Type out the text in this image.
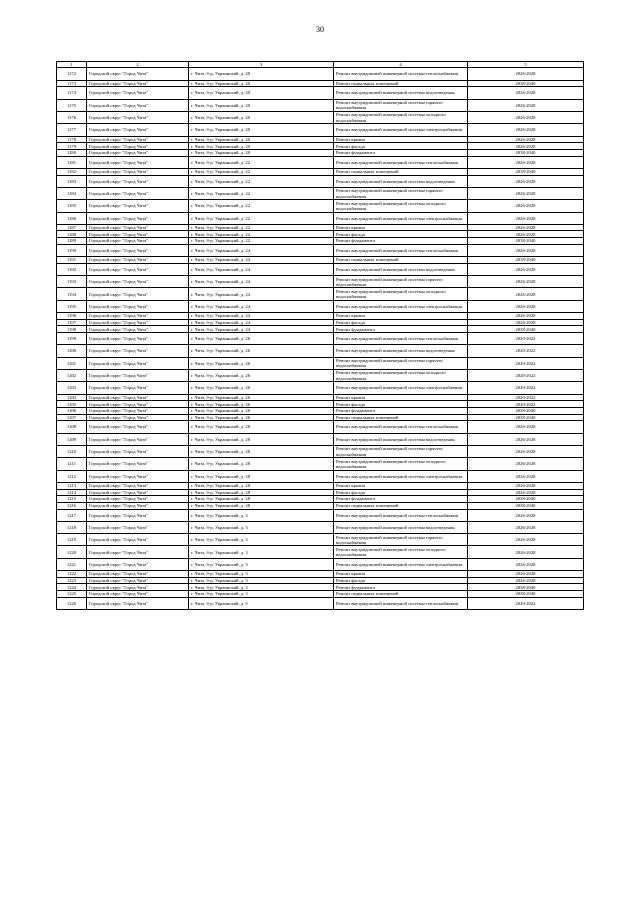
30
1	2	3	4	5
1172	Городской округ "Город Чита"	г. Чита, б-р. Украинский, д. 20	Ремонт внутридомовой инженерной системы теплоснабжения	2026-2028
1173	Городской округ "Город Чита"	г. Чита, б-р. Украинский, д. 20	Ремонт подвальных помещений	2038-2040
1174	Городской округ "Город Чита"	г. Чита, б-р. Украинский, д. 20	Ремонт внутридомовой инженерной системы водоотведения	2026-2028
1175	Городской округ "Город Чита"	г. Чита, б-р. Украинский, д. 20	Ремонт внутридомовой инженерной системы горячего водоснабжения	2026-2028
1176	Городской округ "Город Чита"	г. Чита, б-р. Украинский, д. 20	Ремонт внутридомовой инженерной системы холодного водоснабжения	2026-2028
1177	Городской округ "Город Чита"	г. Чита, б-р. Украинский, д. 20	Ремонт внутридомовой инженерной системы электроснабжения	2026-2028
1178	Городской округ "Город Чита"	г. Чита, б-р. Украинский, д. 20	Ремонт крыши	2026-2028
1179	Городской округ "Город Чита"	г. Чита, б-р. Украинский, д. 20	Ремонт фасада	2026-2028
1180	Городской округ "Город Чита"	г. Чита, б-р. Украинский, д. 20	Ремонт фундамента	2038-2040
1181	Городской округ "Город Чита"	г. Чита, б-р. Украинский, д. 22	Ремонт внутридомовой инженерной системы теплоснабжения	2026-2028
1182	Городской округ "Город Чита"	г. Чита, б-р. Украинский, д. 22	Ремонт подвальных помещений	2038-2040
1183	Городской округ "Город Чита"	г. Чита, б-р. Украинский, д. 22	Ремонт внутридомовой инженерной системы водоотведения	2026-2028
1184	Городской округ "Город Чита"	г. Чита, б-р. Украинский, д. 22	Ремонт внутридомовой инженерной системы горячего водоснабжения	2026-2028
1185	Городской округ "Город Чита"	г. Чита, б-р. Украинский, д. 22	Ремонт внутридомовой инженерной системы холодного водоснабжения	2026-2028
1186	Городской округ "Город Чита"	г. Чита, б-р. Украинский, д. 22	Ремонт внутридомовой инженерной системы электроснабжения	2026-2028
1187	Городской округ "Город Чита"	г. Чита, б-р. Украинский, д. 22	Ремонт крыши	2026-2028
1188	Городской округ "Город Чита"	г. Чита, б-р. Украинский, д. 22	Ремонт фасада	2026-2028
1189	Городской округ "Город Чита"	г. Чита, б-р. Украинский, д. 22	Ремонт фундамента	2038-2040
1190	Городской округ "Город Чита"	г. Чита, б-р. Украинский, д. 24	Ремонт внутридомовой инженерной системы теплоснабжения	2026-2028
1191	Городской округ "Город Чита"	г. Чита, б-р. Украинский, д. 24	Ремонт подвальных помещений	2038-2040
1192	Городской округ "Город Чита"	г. Чита, б-р. Украинский, д. 24	Ремонт внутридомовой инженерной системы водоотведения	2026-2028
1193	Городской округ "Город Чита"	г. Чита, б-р. Украинский, д. 24	Ремонт внутридомовой инженерной системы горячего водоснабжения	2026-2028
1194	Городской округ "Город Чита"	г. Чита, б-р. Украинский, д. 24	Ремонт внутридомовой инженерной системы холодного водоснабжения	2026-2028
1195	Городской округ "Город Чита"	г. Чита, б-р. Украинский, д. 24	Ремонт внутридомовой инженерной системы электроснабжения	2026-2028
1196	Городской округ "Город Чита"	г. Чита, б-р. Украинский, д. 24	Ремонт крыши	2026-2028
1197	Городской округ "Город Чита"	г. Чита, б-р. Украинский, д. 24	Ремонт фасада	2026-2028
1198	Городской округ "Город Чита"	г. Чита, б-р. Украинский, д. 24	Ремонт фундамента	2038-2040
1199	Городской округ "Город Чита"	г. Чита, б-р. Украинский, д. 26	Ремонт внутридомовой инженерной системы теплоснабжения	2020-2022
1200	Городской округ "Город Чита"	г. Чита, б-р. Украинский, д. 26	Ремонт внутридомовой инженерной системы водоотведения	2020-2022
1201	Городской округ "Город Чита"	г. Чита, б-р. Украинский, д. 26	Ремонт внутридомовой инженерной системы горячего водоснабжения	2020-2022
1202	Городской округ "Город Чита"	г. Чита, б-р. Украинский, д. 26	Ремонт внутридомовой инженерной системы холодного водоснабжения	2020-2022
1203	Городской округ "Город Чита"	г. Чита, б-р. Украинский, д. 26	Ремонт внутридомовой инженерной системы электроснабжения	2020-2022
1204	Городской округ "Город Чита"	г. Чита, б-р. Украинский, д. 26	Ремонт крыши	2020-2022
1205	Городской округ "Город Чита"	г. Чита, б-р. Украинский, д. 26	Ремонт фасада	2020-2022
1206	Городской округ "Город Чита"	г. Чита, б-р. Украинский, д. 26	Ремонт фундамента	2038-2040
1207	Городской округ "Город Чита"	г. Чита, б-р. Украинский, д. 26	Ремонт подвальных помещений	2038-2040
1208	Городской округ "Город Чита"	г. Чита, б-р. Украинский, д. 28	Ремонт внутридомовой инженерной системы теплоснабжения	2026-2028
1209	Городской округ "Город Чита"	г. Чита, б-р. Украинский, д. 28	Ремонт внутридомовой инженерной системы водоотведения	2026-2028
1210	Городской округ "Город Чита"	г. Чита, б-р. Украинский, д. 28	Ремонт внутридомовой инженерной системы горячего водоснабжения	2026-2028
1211	Городской округ "Город Чита"	г. Чита, б-р. Украинский, д. 28	Ремонт внутридомовой инженерной системы холодного водоснабжения	2026-2028
1212	Городской округ "Город Чита"	г. Чита, б-р. Украинский, д. 28	Ремонт внутридомовой инженерной системы электроснабжения	2026-2028
1213	Городской округ "Город Чита"	г. Чита, б-р. Украинский, д. 28	Ремонт крыши	2026-2028
1214	Городской округ "Город Чита"	г. Чита, б-р. Украинский, д. 28	Ремонт фасада	2026-2028
1215	Городской округ "Город Чита"	г. Чита, б-р. Украинский, д. 28	Ремонт фундамента	2038-2040
1216	Городской округ "Город Чита"	г. Чита, б-р. Украинский, д. 28	Ремонт подвальных помещений	2038-2040
1217	Городской округ "Город Чита"	г. Чита, б-р. Украинский, д. 3	Ремонт внутридомовой инженерной системы теплоснабжения	2026-2028
1218	Городской округ "Город Чита"	г. Чита, б-р. Украинский, д. 3	Ремонт внутридомовой инженерной системы водоотведения	2026-2028
1219	Городской округ "Город Чита"	г. Чита, б-р. Украинский, д. 3	Ремонт внутридомовой инженерной системы горячего водоснабжения	2026-2028
1220	Городской округ "Город Чита"	г. Чита, б-р. Украинский, д. 3	Ремонт внутридомовой инженерной системы холодного водоснабжения	2026-2028
1221	Городской округ "Город Чита"	г. Чита, б-р. Украинский, д. 3	Ремонт внутридомовой инженерной системы электроснабжения	2026-2028
1222	Городской округ "Город Чита"	г. Чита, б-р. Украинский, д. 3	Ремонт крыши	2026-2028
1223	Городской округ "Город Чита"	г. Чита, б-р. Украинский, д. 3	Ремонт фасада	2026-2028
1224	Городской округ "Город Чита"	г. Чита, б-р. Украинский, д. 3	Ремонт фундамента	2038-2040
1225	Городской округ "Город Чита"	г. Чита, б-р. Украинский, д. 3	Ремонт подвальных помещений	2038-2040
1226	Городской округ "Город Чита"	г. Чита, б-р. Украинский, д. 5	Ремонт внутридомовой инженерной системы теплоснабжения	2020-2022
